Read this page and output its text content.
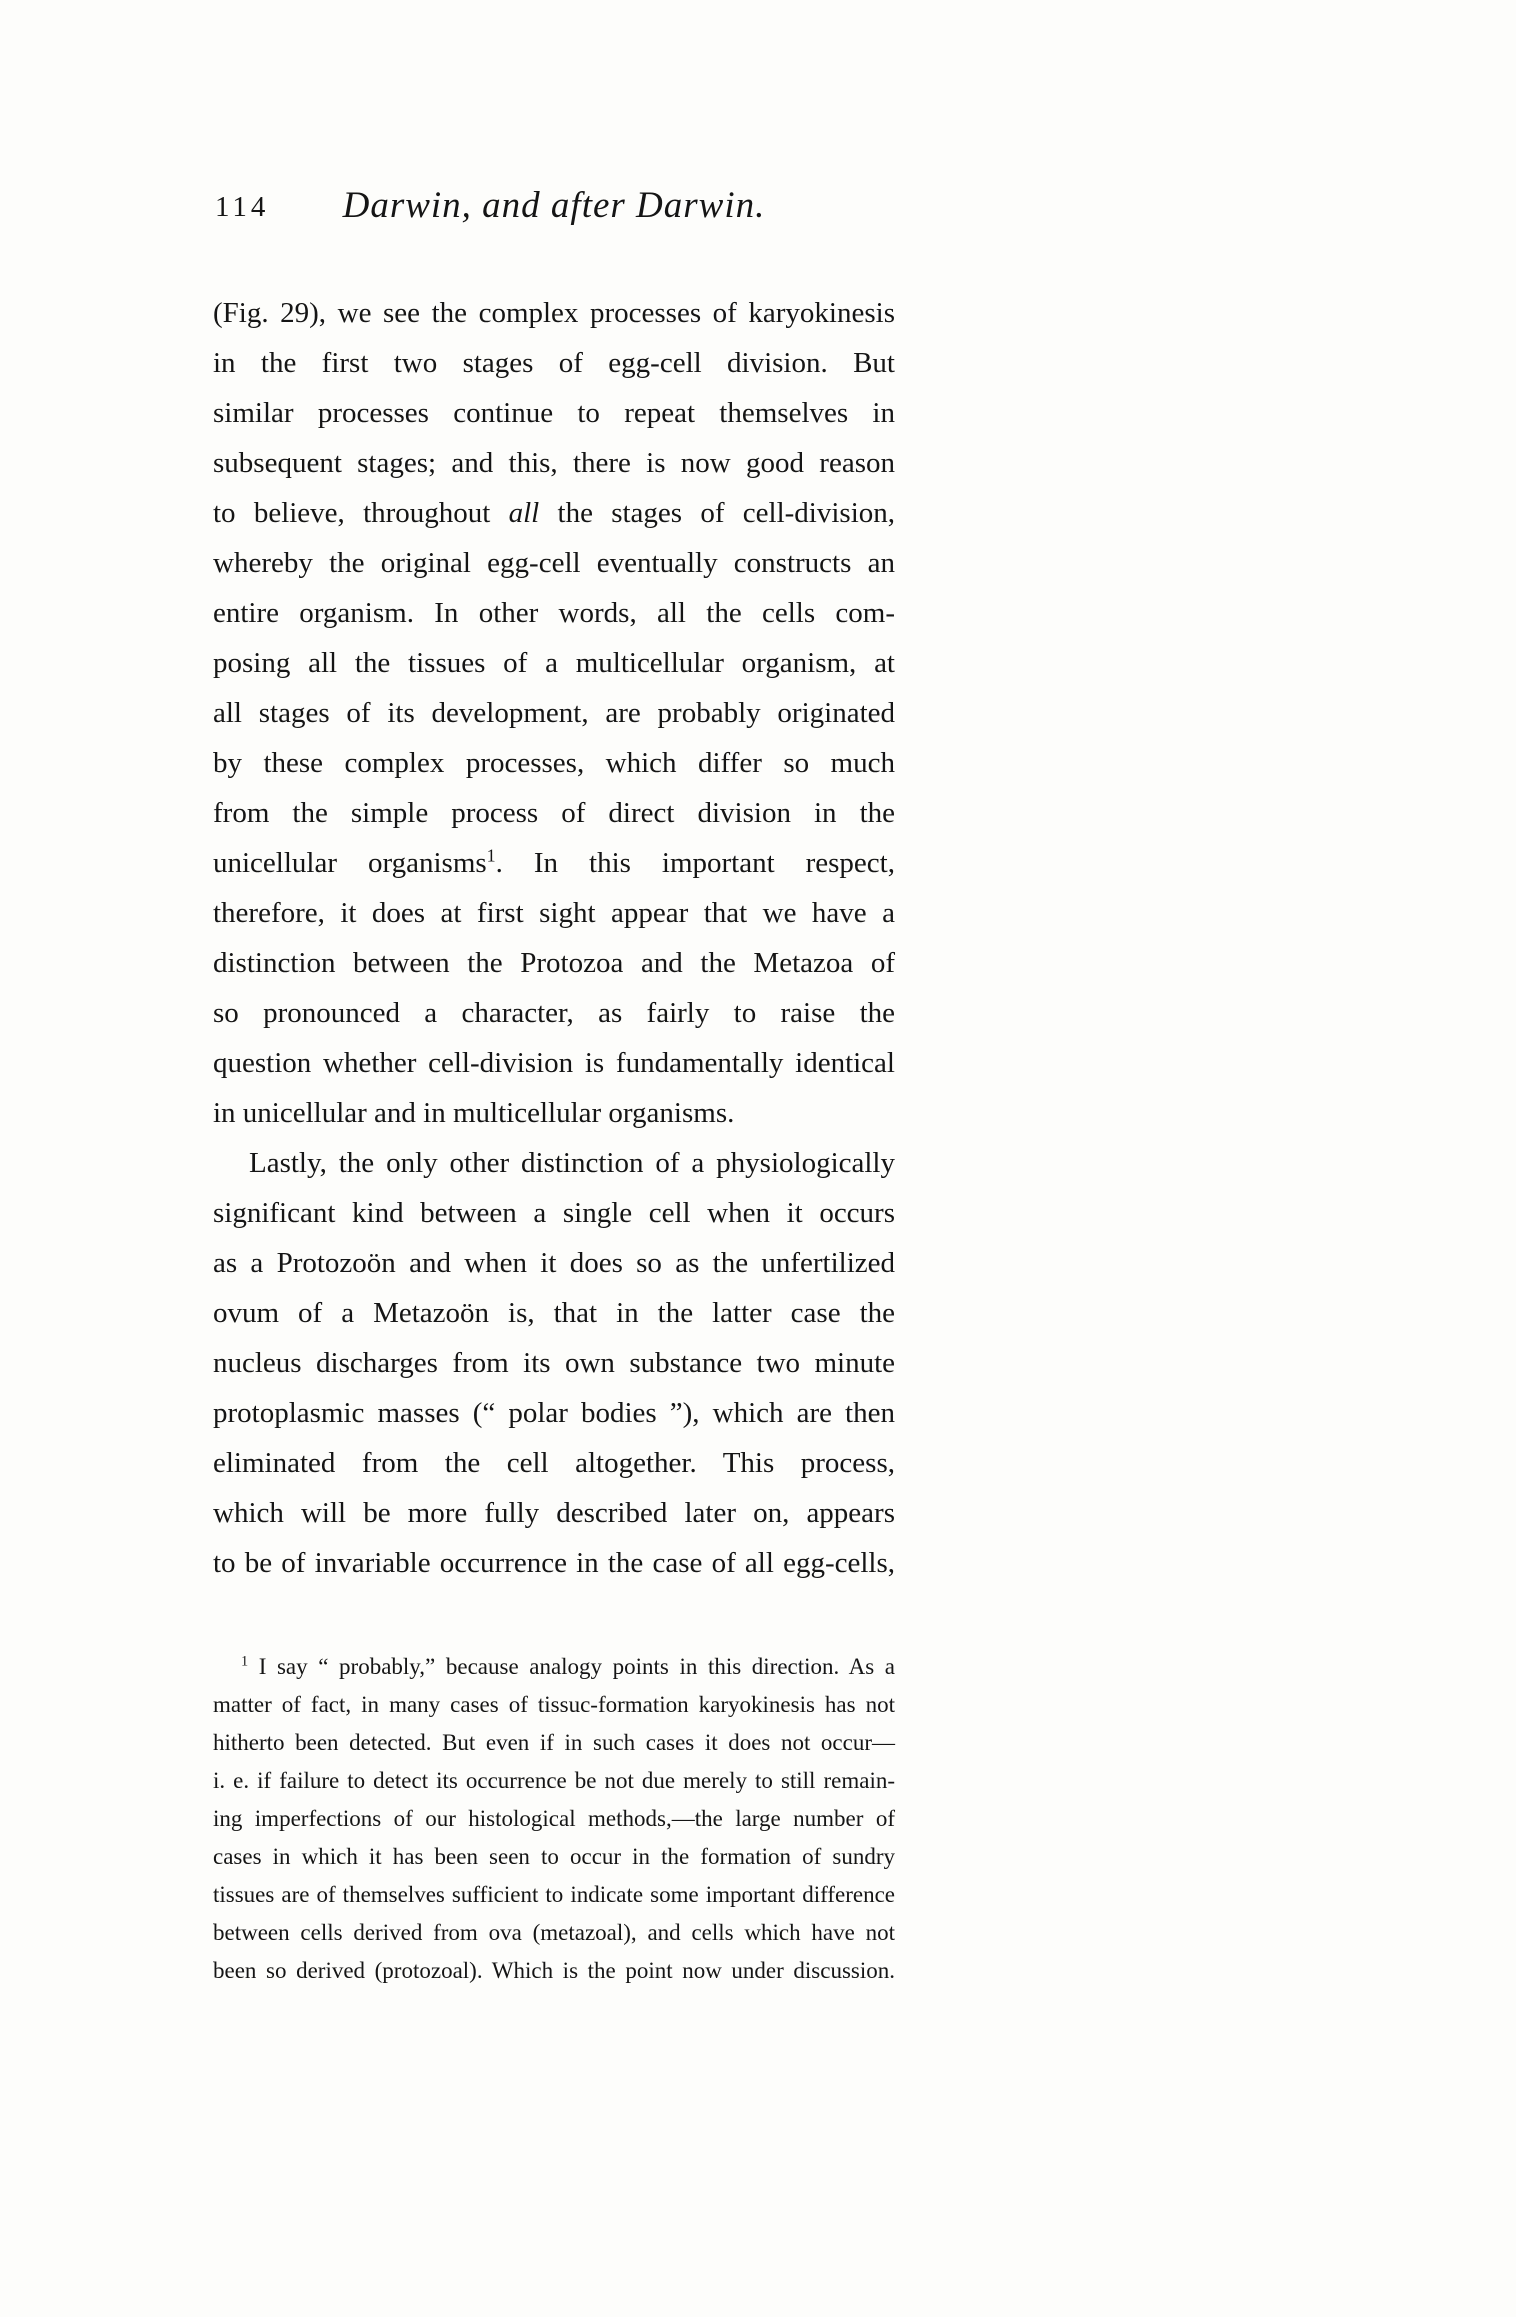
114	Darwin, and after Darwin.
(Fig. 29), we see the complex processes of karyokinesis
in the first two stages of egg-cell division. But
similar processes continue to repeat themselves in
subsequent stages; and this, there is now good reason
to believe, throughout all the stages of cell-division,
whereby the original egg-cell eventually constructs an
entire organism. In other words, all the cells com-
posing all the tissues of a multicellular organism, at
all stages of its development, are probably originated
by these complex processes, which differ so much
from the simple process of direct division in the
unicellular organisms$^1$. In this important respect,
therefore, it does at first sight appear that we have a
distinction between the Protozoa and the Metazoa of
so pronounced a character, as fairly to raise the
question whether cell-division is fundamentally identical
in unicellular and in multicellular organisms.
Lastly, the only other distinction of a physiologically
significant kind between a single cell when it occurs
as a Protozoön and when it does so as the unfertilized
ovum of a Metazoön is, that in the latter case the
nucleus discharges from its own substance two minute
protoplasmic masses (“ polar bodies ”), which are then
eliminated from the cell altogether. This process,
which will be more fully described later on, appears
to be of invariable occurrence in the case of all egg-cells,
$^1$ I say “ probably,” because analogy points in this direction. As a
matter of fact, in many cases of tissuc-formation karyokinesis has not
hitherto been detected. But even if in such cases it does not occur—
i. e. if failure to detect its occurrence be not due merely to still remain-
ing imperfections of our histological methods,—the large number of
cases in which it has been seen to occur in the formation of sundry
tissues are of themselves sufficient to indicate some important difference
between cells derived from ova (metazoal), and cells which have not
been so derived (protozoal). Which is the point now under discussion.
